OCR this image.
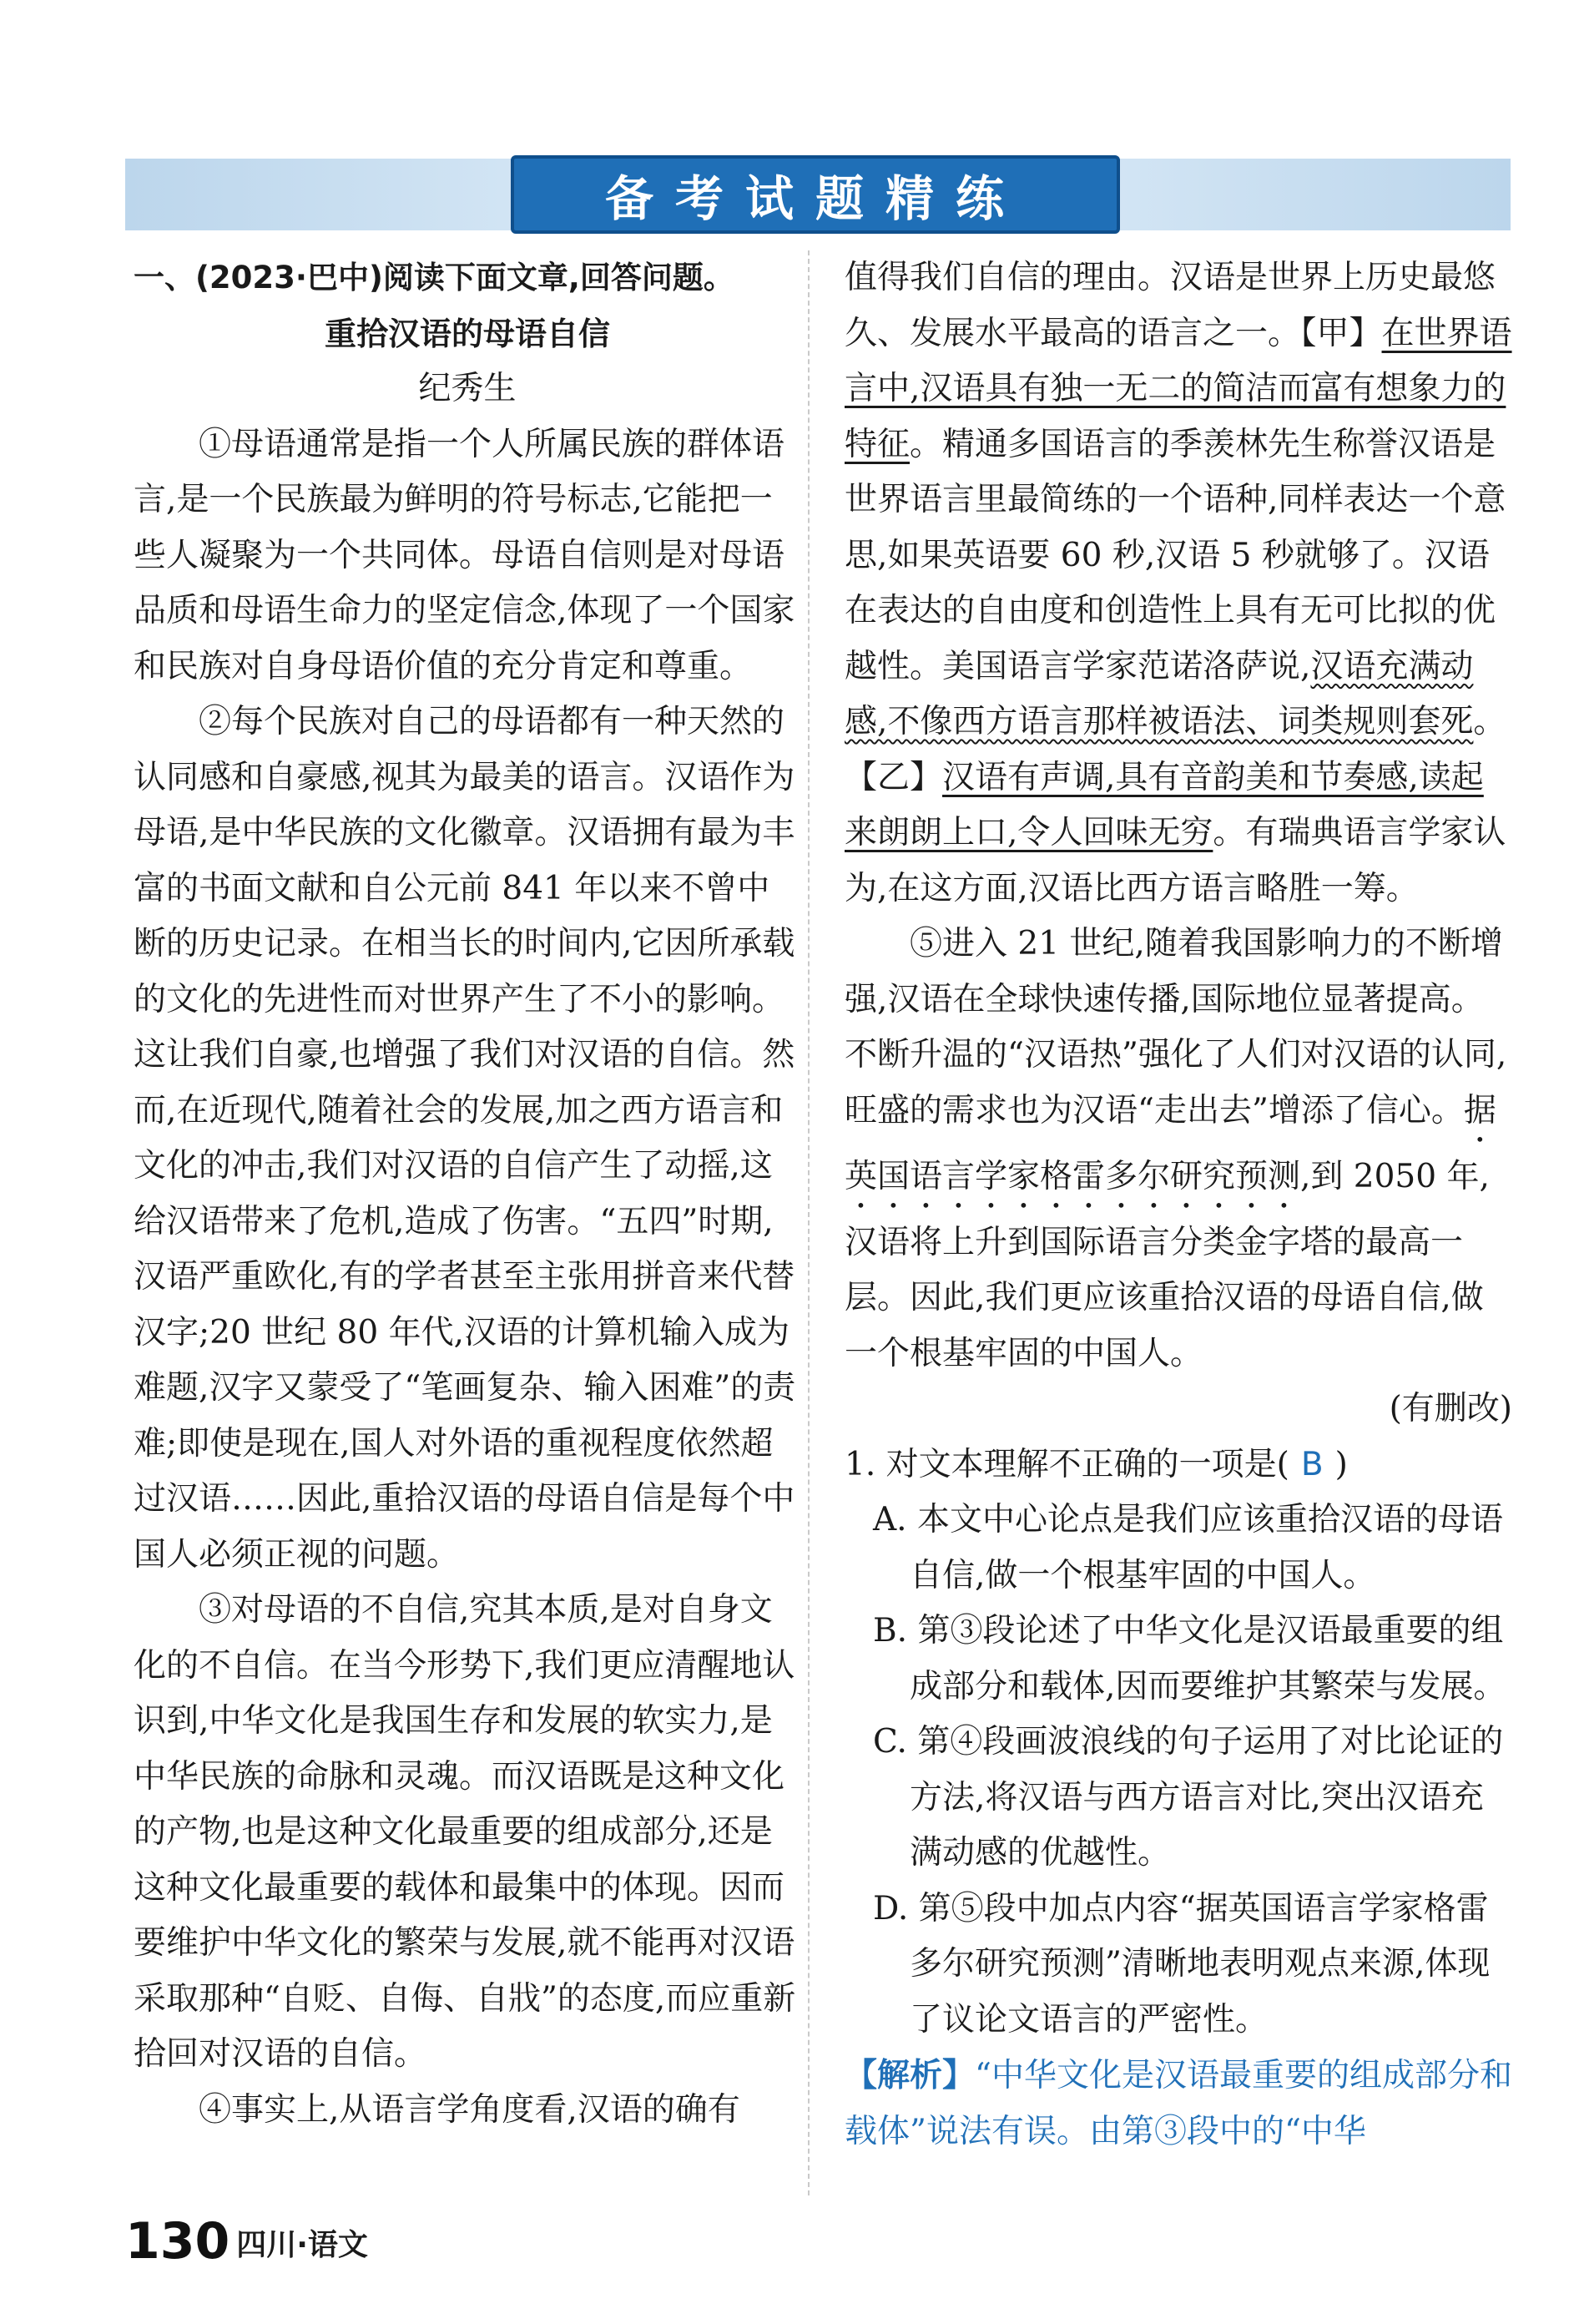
备考试题精练

一、(2023·巴中)阅读下面文章,回答问题。

重拾汉语的母语自信

纪秀生

①母语通常是指一个人所属民族的群体语言,是一个民族最为鲜明的符号标志,它能把一些人凝聚为一个共同体。母语自信则是对母语品质和母语生命力的坚定信念,体现了一个国家和民族对自身母语价值的充分肯定和尊重。

②每个民族对自己的母语都有一种天然的认同感和自豪感,视其为最美的语言。汉语作为母语,是中华民族的文化徽章。汉语拥有最为丰富的书面文献和自公元前 841 年以来不曾中断的历史记录。在相当长的时间内,它因所承载的文化的先进性而对世界产生了不小的影响。这让我们自豪,也增强了我们对汉语的自信。然而,在近现代,随着社会的发展,加之西方语言和文化的冲击,我们对汉语的自信产生了动摇,这给汉语带来了危机,造成了伤害。“五四”时期,汉语严重欧化,有的学者甚至主张用拼音来代替汉字;20 世纪 80 年代,汉语的计算机输入成为难题,汉字又蒙受了“笔画复杂、输入困难”的责难;即使是现在,国人对外语的重视程度依然超过汉语……因此,重拾汉语的母语自信是每个中国人必须正视的问题。

③对母语的不自信,究其本质,是对自身文化的不自信。在当今形势下,我们更应清醒地认识到,中华文化是我国生存和发展的软实力,是中华民族的命脉和灵魂。而汉语既是这种文化的产物,也是这种文化最重要的组成部分,还是这种文化最重要的载体和最集中的体现。因而要维护中华文化的繁荣与发展,就不能再对汉语采取那种“自贬、自侮、自戕”的态度,而应重新拾回对汉语的自信。

④事实上,从语言学角度看,汉语的确有

值得我们自信的理由。汉语是世界上历史最悠久、发展水平最高的语言之一。【甲】在世界语言中,汉语具有独一无二的简洁而富有想象力的特征。精通多国语言的季羡林先生称誉汉语是世界语言里最简练的一个语种,同样表达一个意思,如果英语要 60 秒,汉语 5 秒就够了。汉语在表达的自由度和创造性上具有无可比拟的优越性。美国语言学家范诺洛萨说,汉语充满动感,不像西方语言那样被语法、词类规则套死。【乙】汉语有声调,具有音韵美和节奏感,读起来朗朗上口,令人回味无穷。有瑞典语言学家认为,在这方面,汉语比西方语言略胜一筹。

⑤进入 21 世纪,随着我国影响力的不断增强,汉语在全球快速传播,国际地位显著提高。不断升温的“汉语热”强化了人们对汉语的认同,旺盛的需求也为汉语“走出去”增添了信心。据英国语言学家格雷多尔研究预测,到 2050 年,汉语将上升到国际语言分类金字塔的最高一层。因此,我们更应该重拾汉语的母语自信,做一个根基牢固的中国人。

(有删改)

1. 对文本理解不正确的一项是( B )

A. 本文中心论点是我们应该重拾汉语的母语自信,做一个根基牢固的中国人。

B. 第③段论述了中华文化是汉语最重要的组成部分和载体,因而要维护其繁荣与发展。

C. 第④段画波浪线的句子运用了对比论证的方法,将汉语与西方语言对比,突出汉语充满动感的优越性。

D. 第⑤段中加点内容“据英国语言学家格雷多尔研究预测”清晰地表明观点来源,体现了议论文语言的严密性。

【解析】“中华文化是汉语最重要的组成部分和载体”说法有误。由第③段中的“中华

130 四川·语文
